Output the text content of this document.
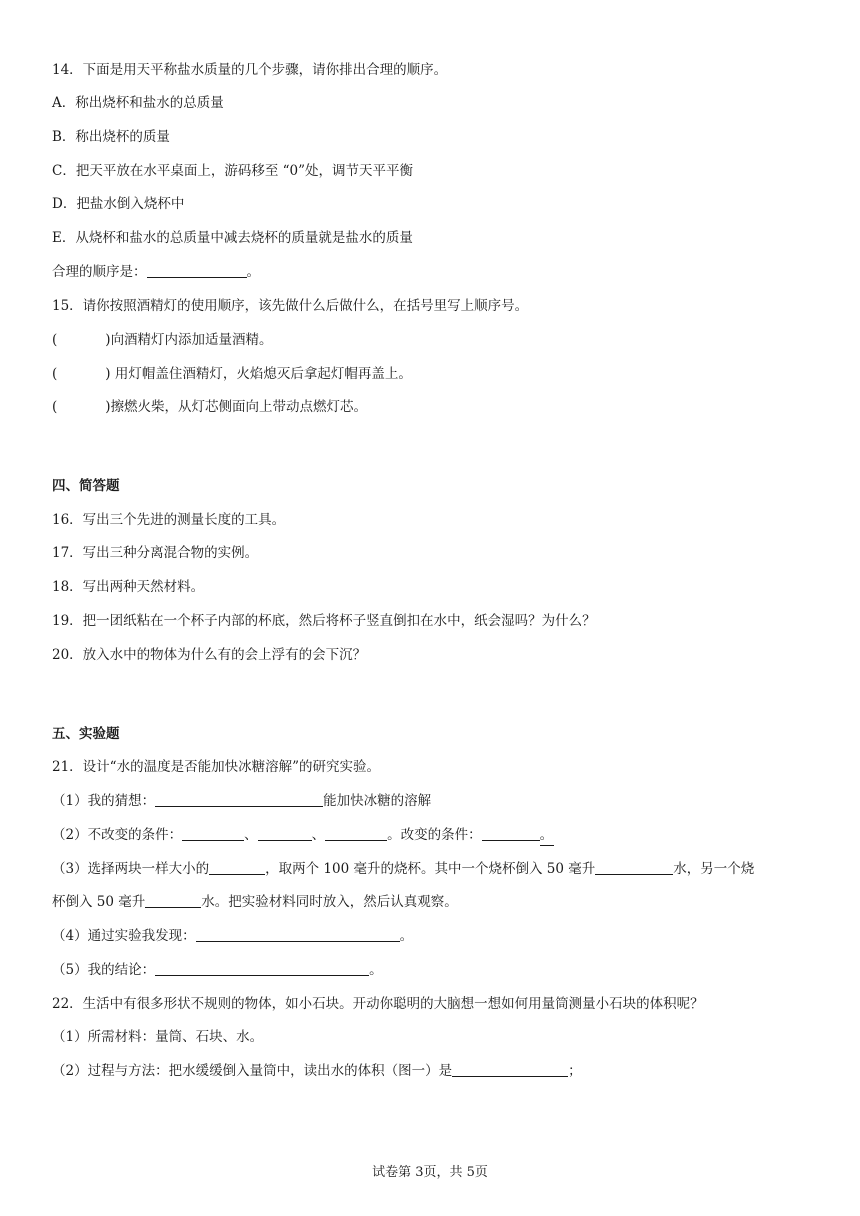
14．下面是用天平称盐水质量的几个步骤，请你排出合理的顺序。
A．称出烧杯和盐水的总质量
B．称出烧杯的质量
C．把天平放在水平桌面上，游码移至 “0”处，调节天平平衡
D．把盐水倒入烧杯中
E．从烧杯和盐水的总质量中减去烧杯的质量就是盐水的质量
合理的顺序是：	。
15．请你按照酒精灯的使用顺序，该先做什么后做什么，在括号里写上顺序号。
(	)向酒精灯内添加适量酒精。
(	) 用灯帽盖住酒精灯，火焰熄灭后拿起灯帽再盖上。
(	)擦燃火柴，从灯芯侧面向上带动点燃灯芯。
四、简答题
16．写出三个先进的测量长度的工具。
17．写出三种分离混合物的实例。
18．写出两种天然材料。
19．把一团纸粘在一个杯子内部的杯底，然后将杯子竖直倒扣在水中，纸会湿吗？为什么？
20．放入水中的物体为什么有的会上浮有的会下沉？
五、实验题
21．设计“水的温度是否能加快冰糖溶解”的研究实验。
（1）我的猜想：	能加快冰糖的溶解
（2）不改变的条件：	、	、	。改变的条件：	。
（3）选择两块一样大小的	，取两个 100 毫升的烧杯。其中一个烧杯倒入 50 毫升	水，另一个烧
杯倒入 50 毫升	水。把实验材料同时放入，然后认真观察。
（4）通过实验我发现：	。
（5）我的结论：	。
22．生活中有很多形状不规则的物体，如小石块。开动你聪明的大脑想一想如何用量筒测量小石块的体积呢？
（1）所需材料：量筒、石块、水。
（2）过程与方法：把水缓缓倒入量筒中，读出水的体积（图一）是	；
试卷第 3页，共 5页
